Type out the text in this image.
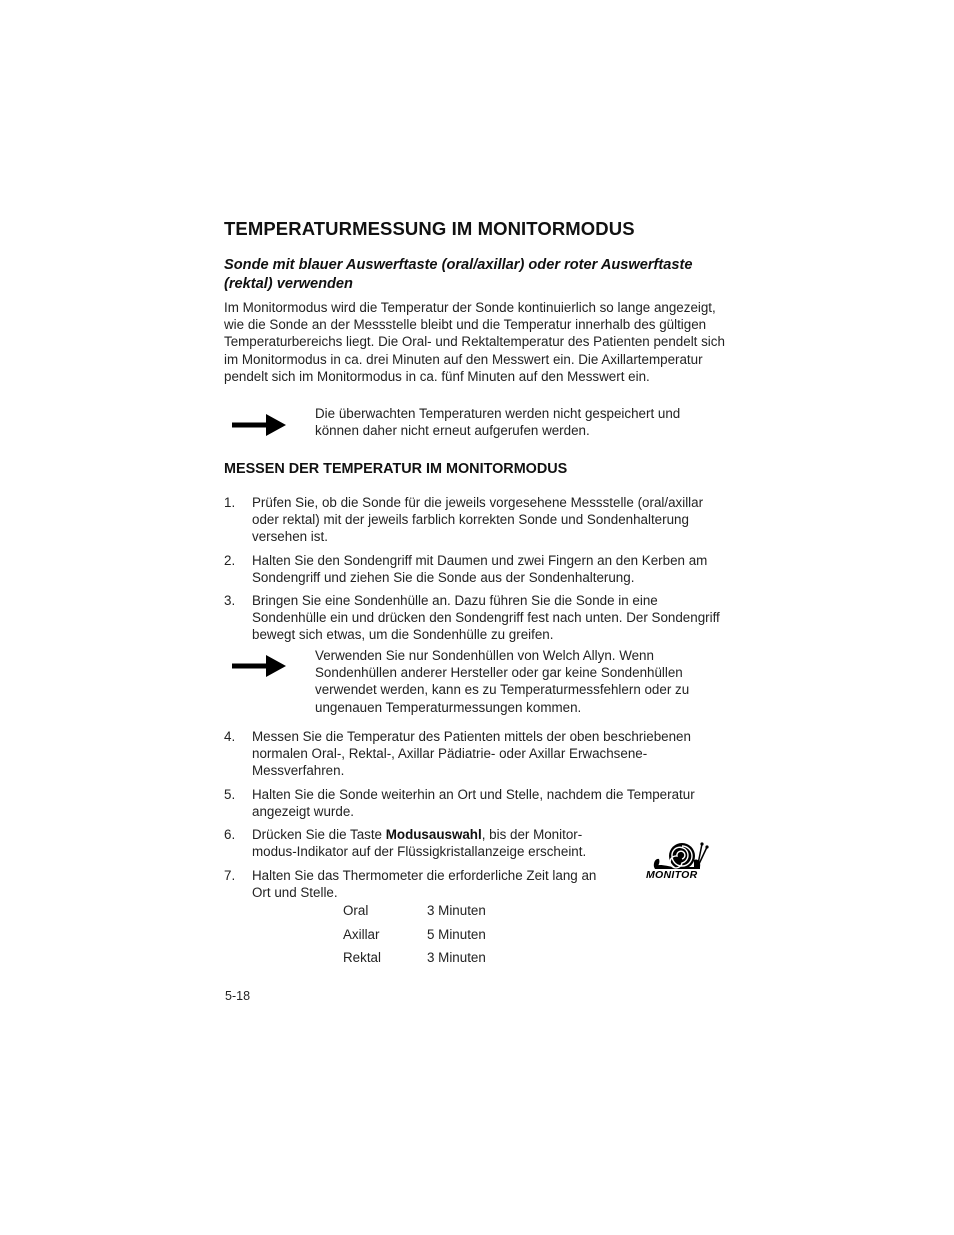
TEMPERATURMESSUNG IM MONITORMODUS
Sonde mit blauer Auswerftaste (oral/axillar) oder roter Auswerftaste (rektal) verwenden

Im Monitormodus wird die Temperatur der Sonde kontinuierlich so lange angezeigt, wie die Sonde an der Messstelle bleibt und die Temperatur innerhalb des gültigen Temperaturbereichs liegt. Die Oral- und Rektaltemperatur des Patienten pendelt sich im Monitormodus in ca. drei Minuten auf den Messwert ein. Die Axillartemperatur pendelt sich im Monitormodus in ca. fünf Minuten auf den Messwert ein.

Die überwachten Temperaturen werden nicht gespeichert und können daher nicht erneut aufgerufen werden.

MESSEN DER TEMPERATUR IM MONITORMODUS
1. Prüfen Sie, ob die Sonde für die jeweils vorgesehene Messstelle (oral/axillar oder rektal) mit der jeweils farblich korrekten Sonde und Sondenhalterung versehen ist.

2. Halten Sie den Sondengriff mit Daumen und zwei Fingern an den Kerben am Sondengriff und ziehen Sie die Sonde aus der Sondenhalterung.

3. Bringen Sie eine Sondenhülle an. Dazu führen Sie die Sonde in eine Sondenhülle ein und drücken den Sondengriff fest nach unten. Der Sondengriff bewegt sich etwas, um die Sondenhülle zu greifen.

Verwenden Sie nur Sondenhüllen von Welch Allyn. Wenn Sondenhüllen anderer Hersteller oder gar keine Sondenhüllen verwendet werden, kann es zu Temperaturmessfehlern oder zu ungenauen Temperaturmessungen kommen.

4. Messen Sie die Temperatur des Patienten mittels der oben beschriebenen normalen Oral-, Rektal-, Axillar Pädiatrie- oder Axillar Erwachsene-Messverfahren.

5. Halten Sie die Sonde weiterhin an Ort und Stelle, nachdem die Temperatur angezeigt wurde.

6. Drücken Sie die Taste Modusauswahl, bis der Monitor-modus-Indikator auf der Flüssigkristallanzeige erscheint.

7. Halten Sie das Thermometer die erforderliche Zeit lang an Ort und Stelle.

Oral	3 Minuten
Axillar	5 Minuten
Rektal	3 Minuten
MONITOR
5-18
